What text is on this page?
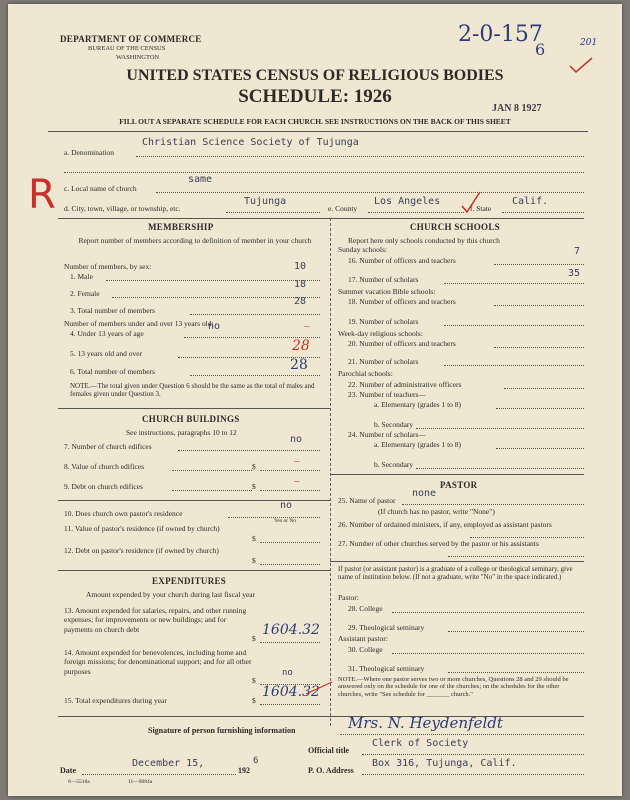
DEPARTMENT OF COMMERCE
BUREAU OF THE CENSUS
WASHINGTON
2-0-157
6	201
UNITED STATES CENSUS OF RELIGIOUS BODIES
SCHEDULE: 1926
JAN 8 1927
FILL OUT A SEPARATE SCHEDULE FOR EACH CHURCH. SEE INSTRUCTIONS ON THE BACK OF THIS SHEET
R
a. Denomination
Christian Science Society of Tujunga
c. Local name of church
same
d. City, town, village, or township, etc.
Tujunga
e. County
Los Angeles
f. State
Calif.
MEMBERSHIP
Report number of members according to definition of member in your church
Number of members, by sex:
1. Male
10
2. Female
18
3. Total number of members
28
Number of members under and over 13 years old:
4. Under 13 years of age
no	–
5. 13 years old and over	28
6. Total number of members	28
NOTE.—The total given under Question 6 should be the same as the total of males and females given under Question 3.
CHURCH BUILDINGS
See instructions, paragraphs 10 to 12
7. Number of church edifices
no
8. Value of church edifices	$	–
9. Debt on church edifices	$	–
10. Does church own pastor's residence
no
Yes or No
11. Value of pastor's residence (if owned by church)
$
12. Debt on pastor's residence (if owned by church)
$
EXPENDITURES
Amount expended by your church during last fiscal year
13. Amount expended for salaries, repairs, and other running expenses; for improvements or new buildings; and for payments on church debt
$
1604.32
14. Amount expended for benevolences, including home and foreign missions; for denominational support; and for all other purposes
$
no
15. Total expenditures during year	$
1604.32
CHURCH SCHOOLS
Report here only schools conducted by this church
Sunday schools:
16. Number of officers and teachers
7
17. Number of scholars
35
Summer vacation Bible schools:
18. Number of officers and teachers
19. Number of scholars
Week-day religious schools:
20. Number of officers and teachers
21. Number of scholars
Parochial schools:
22. Number of administrative officers
23. Number of teachers—
a. Elementary (grades 1 to 8)
b. Secondary
24. Number of scholars—
a. Elementary (grades 1 to 8)
b. Secondary
PASTOR
25. Name of pastor
none
(If church has no pastor, write "None")
26. Number of ordained ministers, if any, employed as assistant pastors
27. Number of other churches served by the pastor or his assistants
If pastor (or assistant pastor) is a graduate of a college or theological seminary, give name of institution below. (If not a graduate, write "No" in the space indicated.)
Pastor:
28. College
29. Theological seminary
Assistant pastor:
30. College
31. Theological seminary
NOTE.—Where one pastor serves two or more churches, Questions 28 and 29 should be answered only on the schedule for one of the churches; on the schedules for the other churches, write "See schedule for _______ church."
Signature of person furnishing information	Mrs. N. Heydenfeldt
Official title
Clerk of Society
Date
December 15,
192
6
P. O. Address
Box 316, Tujunga, Calif.
8—5518a	11—9084a
